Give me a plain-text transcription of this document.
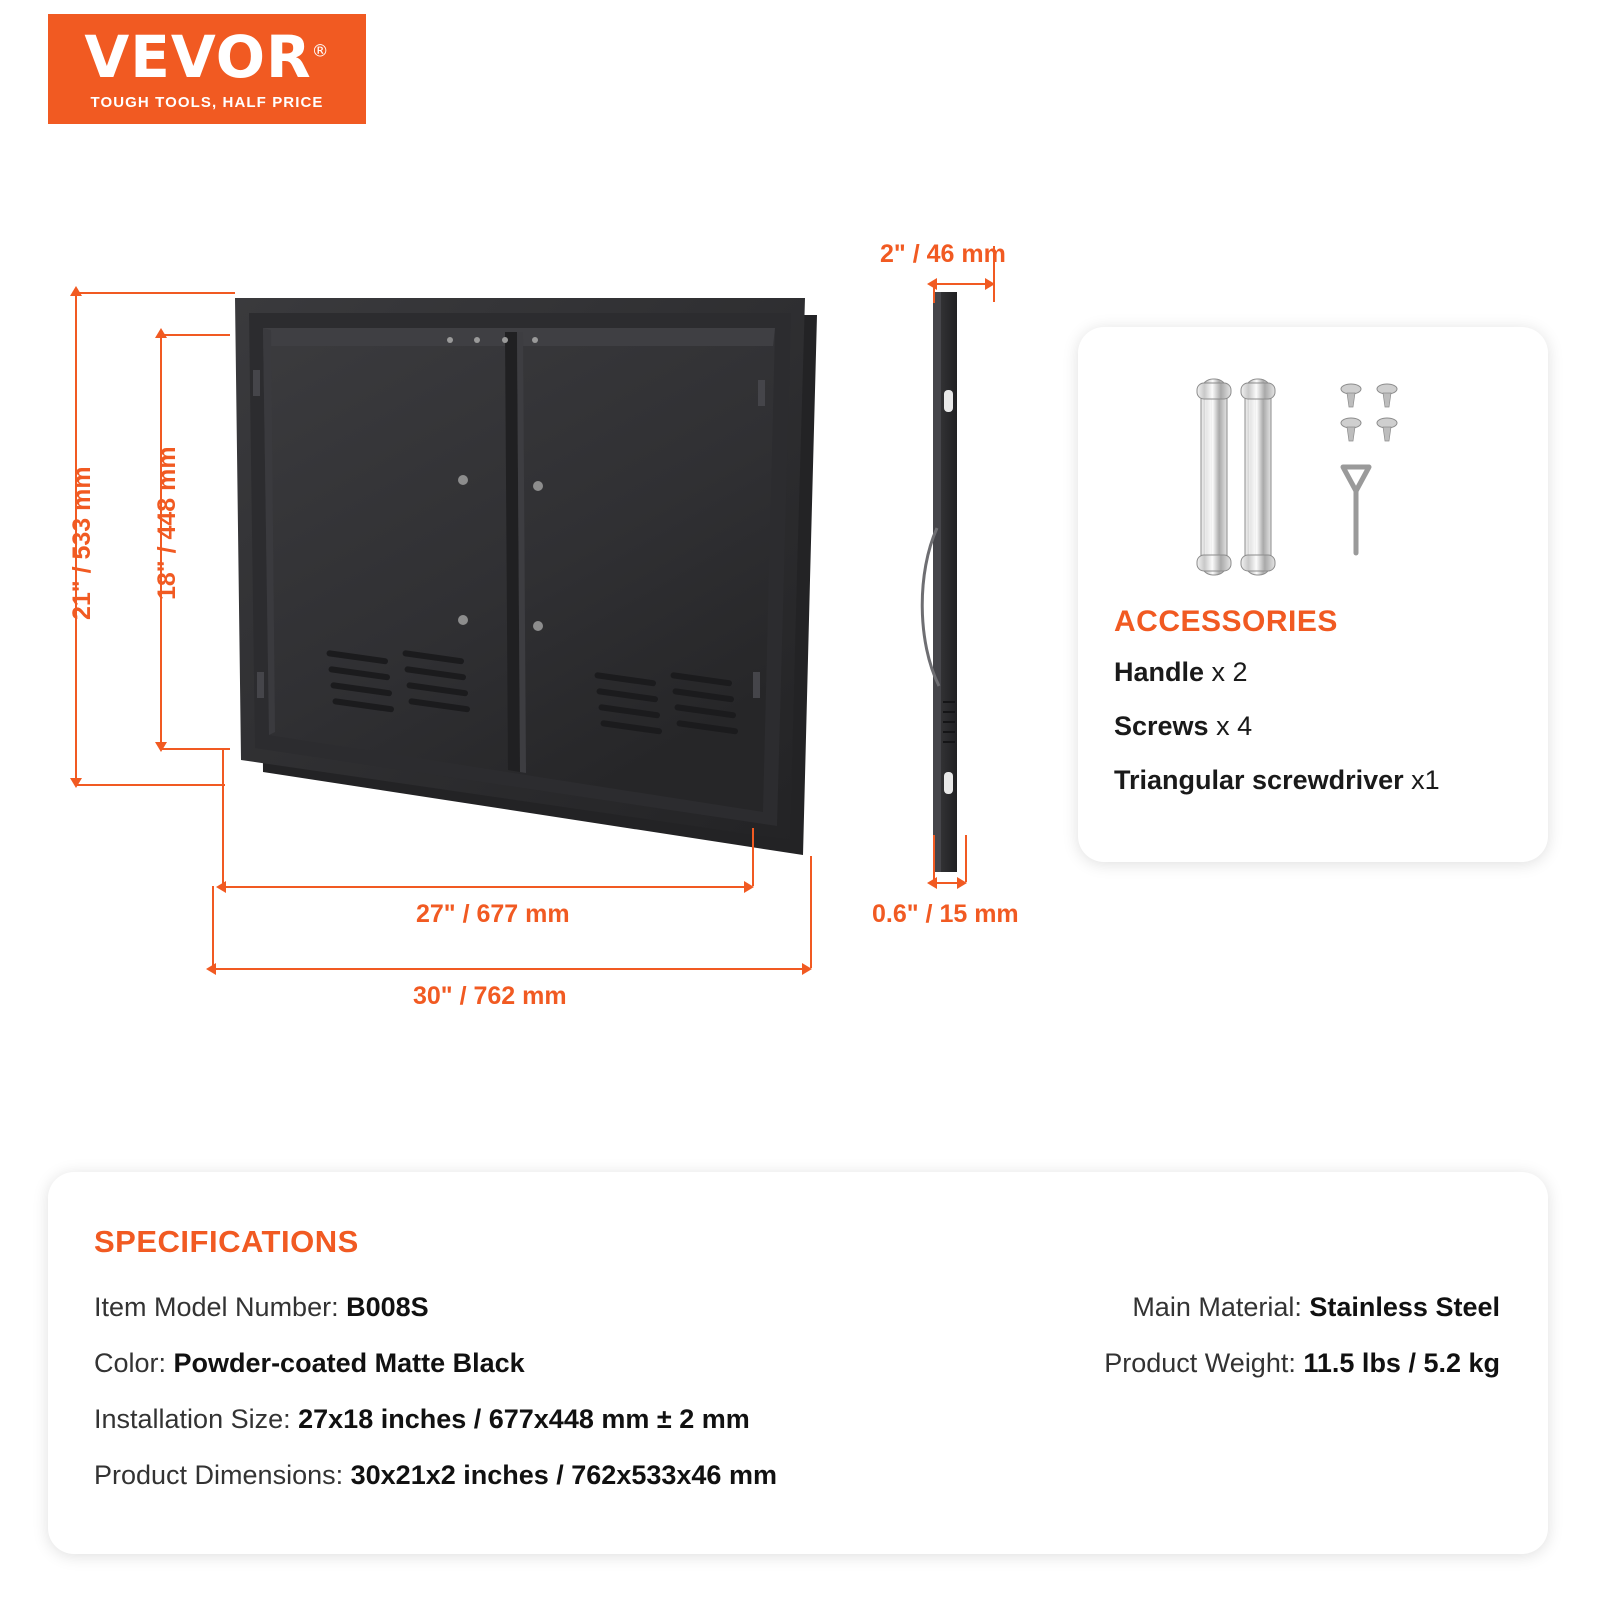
VEVOR®
TOUGH TOOLS, HALF PRICE
21" / 533 mm 18" / 448 mm
27" / 677 mm
30" / 762 mm
2" / 46 mm
0.6" / 15 mm
ACCESSORIES
Handle x 2
Screws x 4
Triangular screwdriver x1
SPECIFICATIONS
Item Model Number: B008S
Color: Powder-coated Matte Black
Installation Size: 27x18 inches / 677x448 mm ± 2 mm
Product Dimensions: 30x21x2 inches / 762x533x46 mm
Main Material: Stainless Steel
Product Weight: 11.5 lbs / 5.2 kg
